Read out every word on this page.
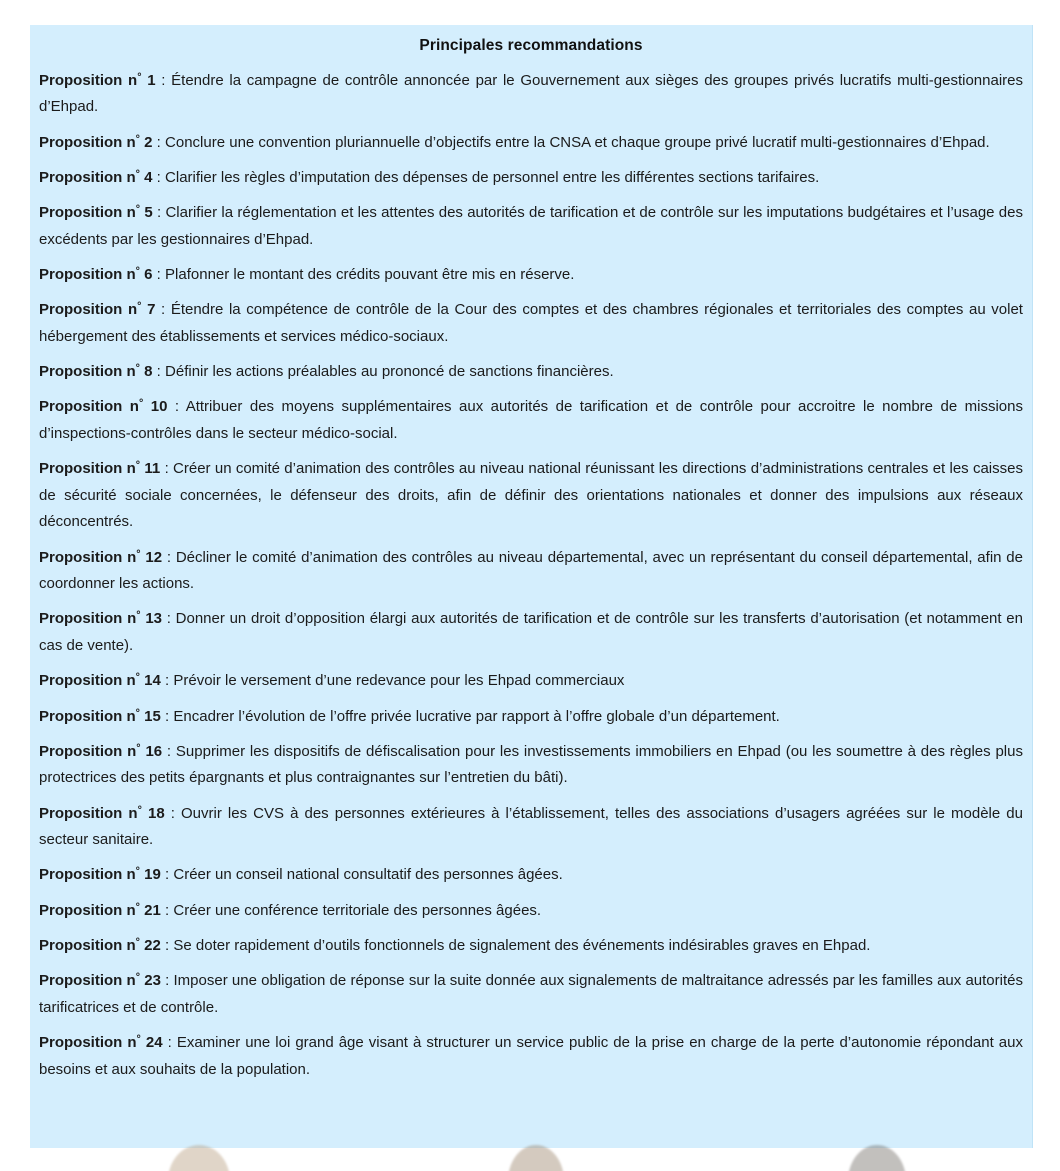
Principales recommandations

Proposition n° 1 : Étendre la campagne de contrôle annoncée par le Gouvernement aux sièges des groupes privés lucratifs multi-gestionnaires d’Ehpad.

Proposition n° 2 : Conclure une convention pluriannuelle d’objectifs entre la CNSA et chaque groupe privé lucratif multi-gestionnaires d’Ehpad.

Proposition n° 4 : Clarifier les règles d’imputation des dépenses de personnel entre les différentes sections tarifaires.

Proposition n° 5 : Clarifier la réglementation et les attentes des autorités de tarification et de contrôle sur les imputations budgétaires et l’usage des excédents par les gestionnaires d’Ehpad.

Proposition n° 6 : Plafonner le montant des crédits pouvant être mis en réserve.

Proposition n° 7 : Étendre la compétence de contrôle de la Cour des comptes et des chambres régionales et territoriales des comptes au volet hébergement des établissements et services médico-sociaux.

Proposition n° 8 : Définir les actions préalables au prononcé de sanctions financières.

Proposition n° 10 : Attribuer des moyens supplémentaires aux autorités de tarification et de contrôle pour accroitre le nombre de missions d’inspections-contrôles dans le secteur médico-social.

Proposition n° 11 : Créer un comité d’animation des contrôles au niveau national réunissant les directions d’administrations centrales et les caisses de sécurité sociale concernées, le défenseur des droits, afin de définir des orientations nationales et donner des impulsions aux réseaux déconcentrés.

Proposition n° 12 : Décliner le comité d’animation des contrôles au niveau départemental, avec un représentant du conseil départemental, afin de coordonner les actions.

Proposition n° 13 : Donner un droit d’opposition élargi aux autorités de tarification et de contrôle sur les transferts d’autorisation (et notamment en cas de vente).

Proposition n° 14 : Prévoir le versement d’une redevance pour les Ehpad commerciaux

Proposition n° 15 : Encadrer l’évolution de l’offre privée lucrative par rapport à l’offre globale d’un département.

Proposition n° 16 : Supprimer les dispositifs de défiscalisation pour les investissements immobiliers en Ehpad (ou les soumettre à des règles plus protectrices des petits épargnants et plus contraignantes sur l’entretien du bâti).

Proposition n° 18 : Ouvrir les CVS à des personnes extérieures à l’établissement, telles des associations d’usagers agréées sur le modèle du secteur sanitaire.

Proposition n° 19 : Créer un conseil national consultatif des personnes âgées.

Proposition n° 21 : Créer une conférence territoriale des personnes âgées.

Proposition n° 22 : Se doter rapidement d’outils fonctionnels de signalement des événements indésirables graves en Ehpad.

Proposition n° 23 : Imposer une obligation de réponse sur la suite donnée aux signalements de maltraitance adressés par les familles aux autorités tarificatrices et de contrôle.

Proposition n° 24 : Examiner une loi grand âge visant à structurer un service public de la prise en charge de la perte d’autonomie répondant aux besoins et aux souhaits de la population.
